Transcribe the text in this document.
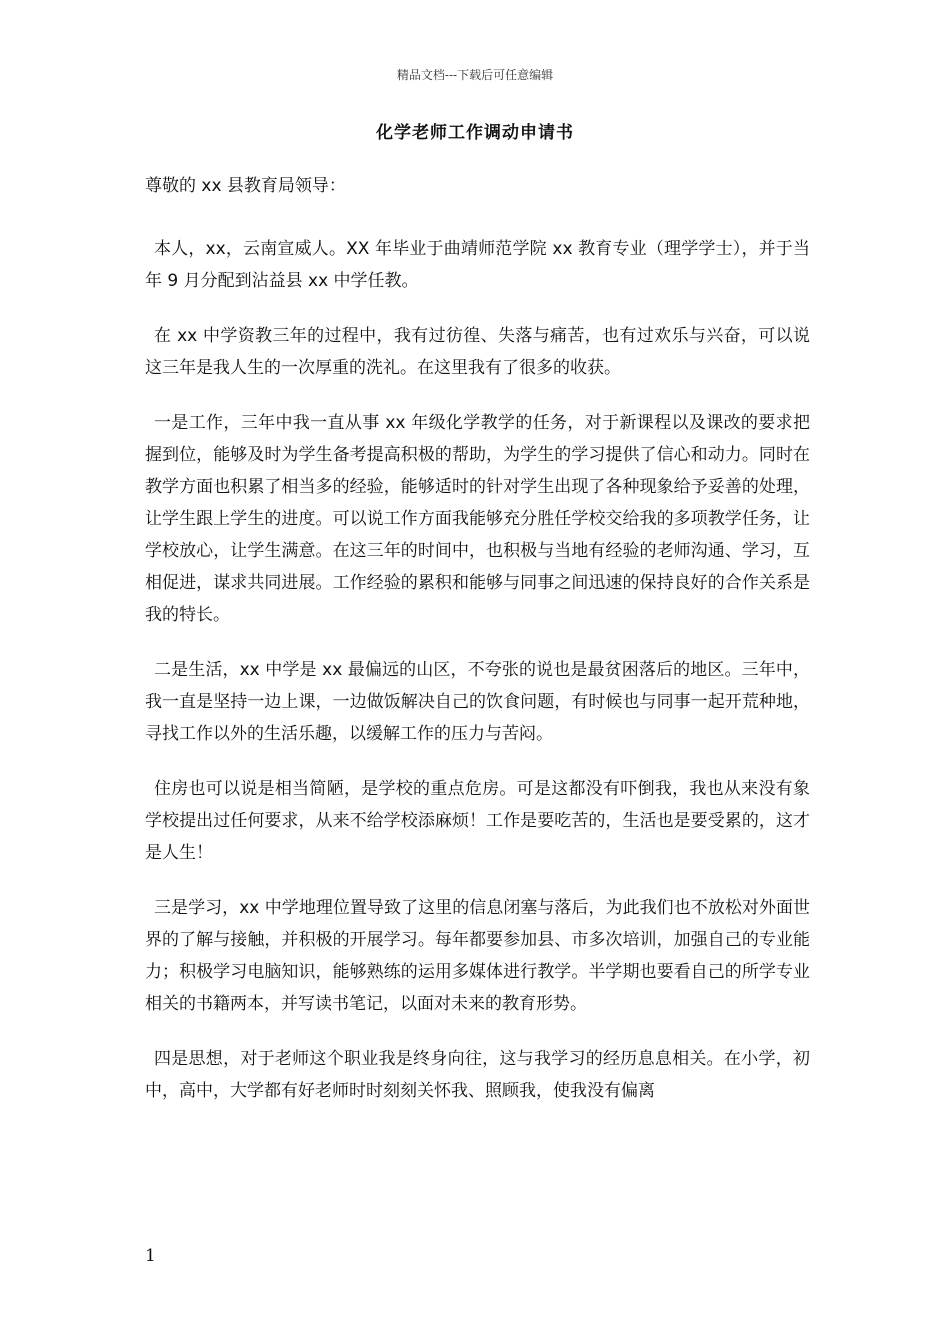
精品文档---下载后可任意编辑
化学老师工作调动申请书

尊敬的 xx 县教育局领导：

本人，xx，云南宣威人。XX 年毕业于曲靖师范学院 xx 教育专业（理学学士），并于当年 9 月分配到沾益县 xx 中学任教。

在 xx 中学资教三年的过程中，我有过彷徨、失落与痛苦，也有过欢乐与兴奋，可以说这三年是我人生的一次厚重的洗礼。在这里我有了很多的收获。

一是工作，三年中我一直从事 xx 年级化学教学的任务，对于新课程以及课改的要求把握到位，能够及时为学生备考提高积极的帮助，为学生的学习提供了信心和动力。同时在教学方面也积累了相当多的经验，能够适时的针对学生出现了各种现象给予妥善的处理，让学生跟上学生的进度。可以说工作方面我能够充分胜任学校交给我的多项教学任务，让学校放心，让学生满意。在这三年的时间中，也积极与当地有经验的老师沟通、学习，互相促进，谋求共同进展。工作经验的累积和能够与同事之间迅速的保持良好的合作关系是我的特长。

二是生活，xx 中学是 xx 最偏远的山区，不夸张的说也是最贫困落后的地区。三年中，我一直是坚持一边上课，一边做饭解决自己的饮食问题，有时候也与同事一起开荒种地，寻找工作以外的生活乐趣，以缓解工作的压力与苦闷。

住房也可以说是相当简陋，是学校的重点危房。可是这都没有吓倒我，我也从来没有象学校提出过任何要求，从来不给学校添麻烦！工作是要吃苦的，生活也是要受累的，这才是人生！

三是学习，xx 中学地理位置导致了这里的信息闭塞与落后，为此我们也不放松对外面世界的了解与接触，并积极的开展学习。每年都要参加县、市多次培训，加强自己的专业能力；积极学习电脑知识，能够熟练的运用多媒体进行教学。半学期也要看自己的所学专业相关的书籍两本，并写读书笔记，以面对未来的教育形势。

四是思想，对于老师这个职业我是终身向往，这与我学习的经历息息相关。在小学，初中，高中，大学都有好老师时时刻刻关怀我、照顾我，使我没有偏离

1
